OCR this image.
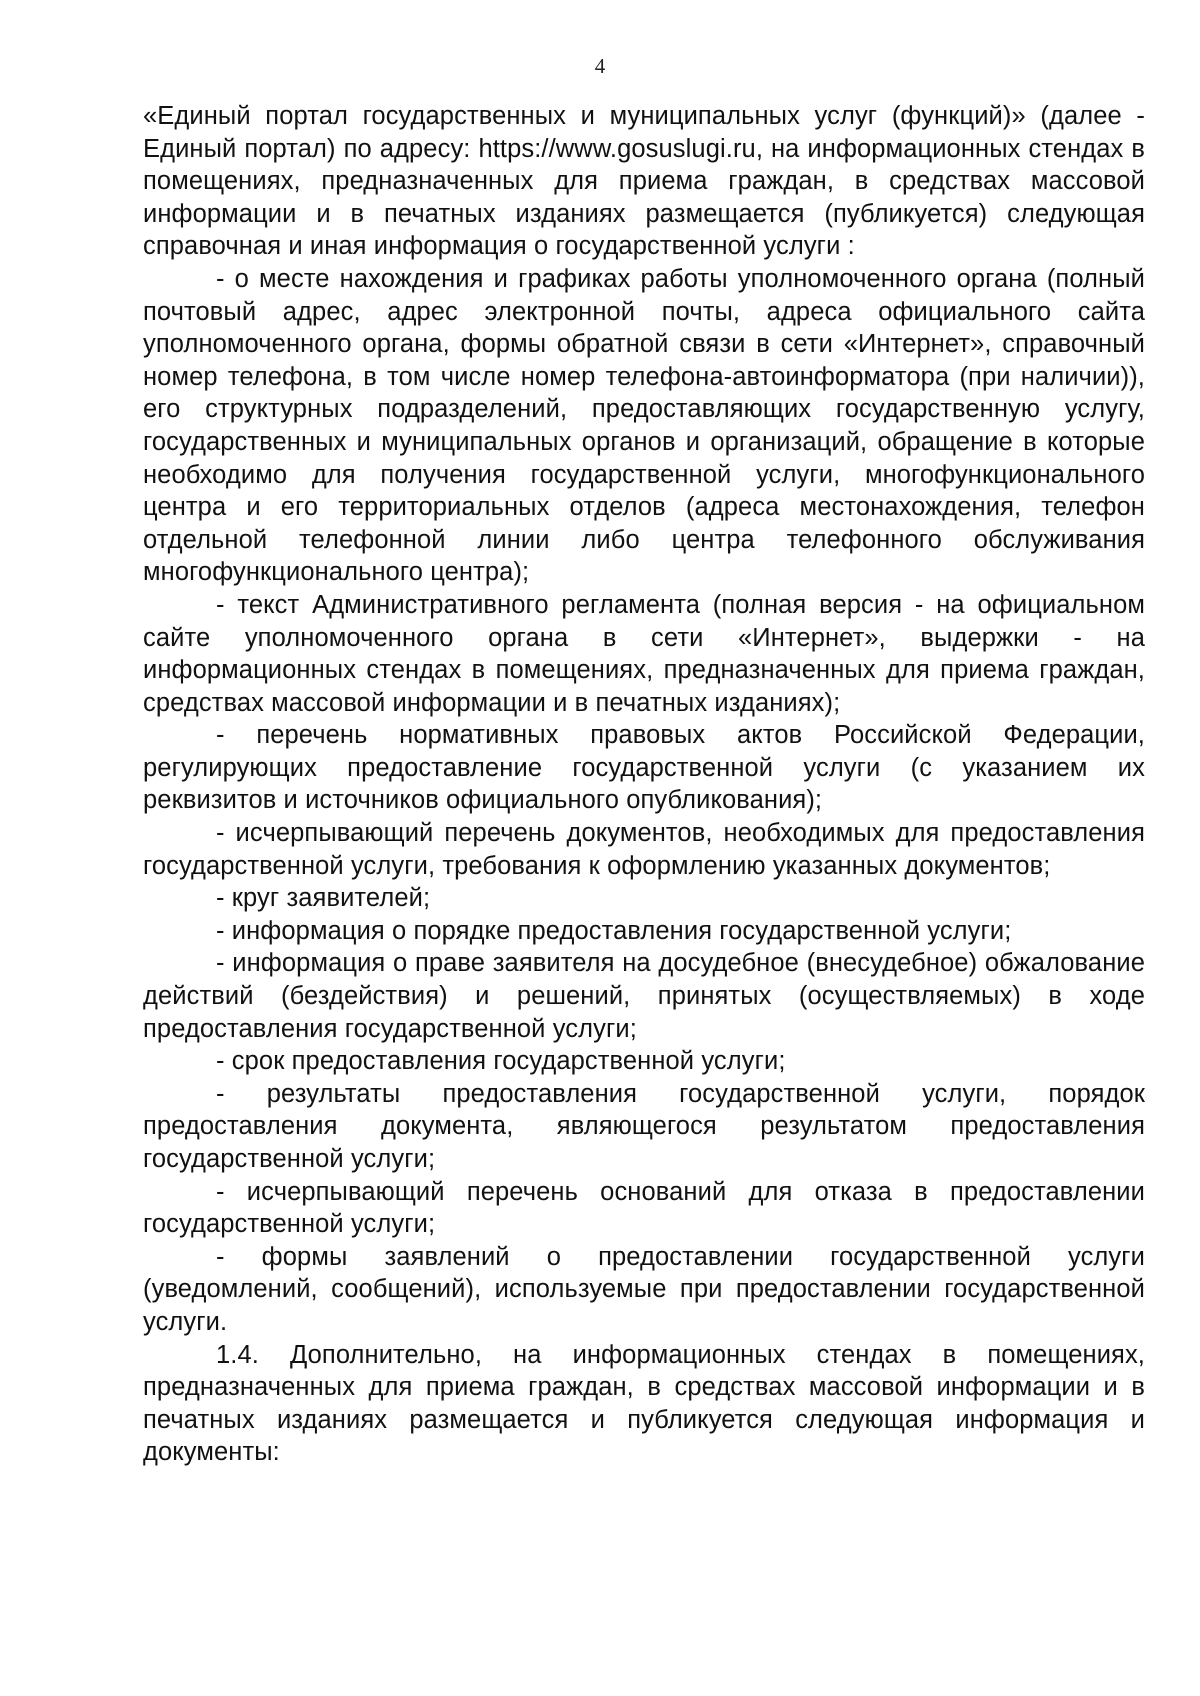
4

«Единый портал государственных и муниципальных услуг (функций)» (далее - Единый портал) по адресу: https://www.gosuslugi.ru, на информационных стендах в помещениях, предназначенных для приема граждан, в средствах массовой информации и в печатных изданиях размещается (публикуется) следующая справочная и иная информация о государственной услуги :

- о месте нахождения и графиках работы уполномоченного органа (полный почтовый адрес, адрес электронной почты, адреса официального сайта уполномоченного органа, формы обратной связи в сети «Интернет», справочный номер телефона, в том числе номер телефона-автоинформатора (при наличии)), его структурных подразделений, предоставляющих государственную услугу, государственных и муниципальных органов и организаций, обращение в которые необходимо для получения государственной услуги, многофункционального центра и его территориальных отделов (адреса местонахождения, телефон отдельной телефонной линии либо центра телефонного обслуживания многофункционального центра);

- текст Административного регламента (полная версия - на официальном сайте уполномоченного органа в сети «Интернет», выдержки - на информационных стендах в помещениях, предназначенных для приема граждан, средствах массовой информации и в печатных изданиях);

- перечень нормативных правовых актов Российской Федерации, регулирующих предоставление государственной услуги (с указанием их реквизитов и источников официального опубликования);

- исчерпывающий перечень документов, необходимых для предоставления государственной услуги, требования к оформлению указанных документов;

- круг заявителей;

- информация о порядке предоставления государственной услуги;

- информация о праве заявителя на досудебное (внесудебное) обжалование действий (бездействия) и решений, принятых (осуществляемых) в ходе предоставления государственной услуги;

- срок предоставления государственной услуги;

- результаты предоставления государственной услуги, порядок предоставления документа, являющегося результатом предоставления государственной услуги;

- исчерпывающий перечень оснований для отказа в предоставлении государственной услуги;

- формы заявлений о предоставлении государственной услуги (уведомлений, сообщений), используемые при предоставлении государственной услуги.

1.4. Дополнительно, на информационных стендах в помещениях, предназначенных для приема граждан, в средствах массовой информации и в печатных изданиях размещается и публикуется следующая информация и документы:
